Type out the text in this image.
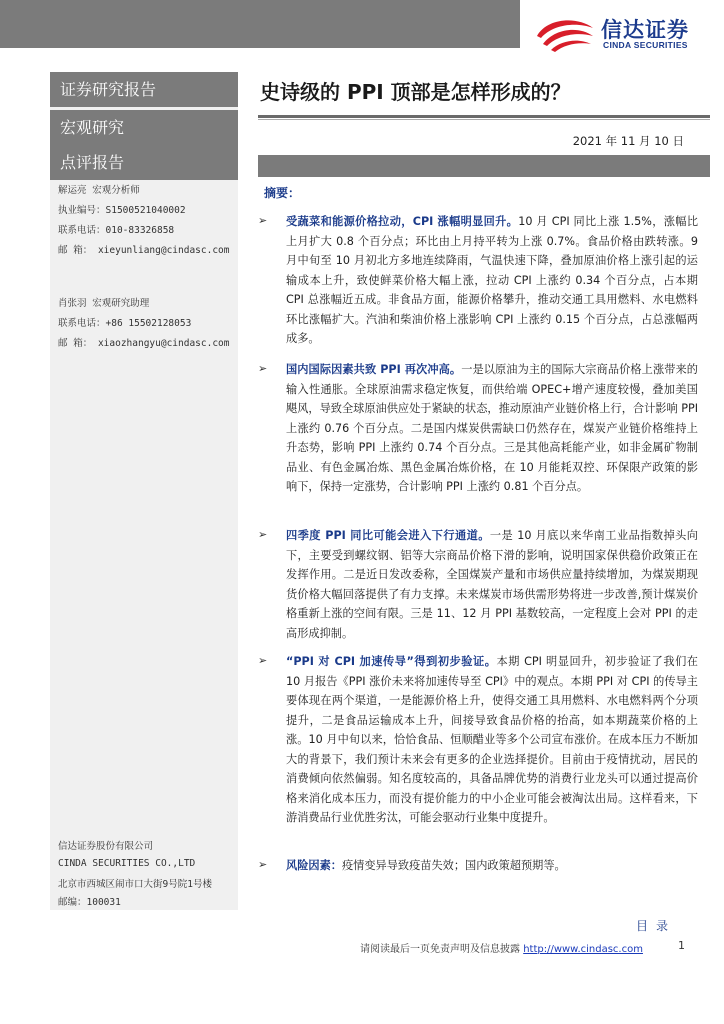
信达证券
CINDA SECURITIES
证券研究报告
宏观研究
点评报告
解运亮 宏观分析师
执业编号：S1500521040002
联系电话：010-83326858
邮 箱： xieyunliang@cindasc.com
肖张羽 宏观研究助理
联系电话：+86 15502128053
邮 箱： xiaozhangyu@cindasc.com
信达证券股份有限公司
CINDA SECURITIES CO.,LTD
北京市西城区闹市口大街9号院1号楼
邮编：100031
史诗级的 PPI 顶部是怎样形成的？
2021 年 11 月 10 日
摘要：
➢ 受蔬菜和能源价格拉动，CPI 涨幅明显回升。10 月 CPI 同比上涨 1.5%，涨幅比上月扩大 0.8 个百分点；环比由上月持平转为上涨 0.7%。食品价格由跌转涨。9 月中旬至 10 月初北方多地连续降雨，气温快速下降，叠加原油价格上涨引起的运输成本上升，致使鲜菜价格大幅上涨，拉动 CPI 上涨约 0.34 个百分点，占本期 CPI 总涨幅近五成。非食品方面，能源价格攀升，推动交通工具用燃料、水电燃料环比涨幅扩大。汽油和柴油价格上涨影响 CPI 上涨约 0.15 个百分点，占总涨幅两成多。
➢ 国内国际因素共致 PPI 再次冲高。一是以原油为主的国际大宗商品价格上涨带来的输入性通胀。全球原油需求稳定恢复，而供给端 OPEC+增产速度较慢，叠加美国飓风，导致全球原油供应处于紧缺的状态，推动原油产业链价格上行，合计影响 PPI 上涨约 0.76 个百分点。二是国内煤炭供需缺口仍然存在，煤炭产业链价格维持上升态势，影响 PPI 上涨约 0.74 个百分点。三是其他高耗能产业，如非金属矿物制品业、有色金属冶炼、黑色金属冶炼价格，在 10 月能耗双控、环保限产政策的影响下，保持一定涨势，合计影响 PPI 上涨约 0.81 个百分点。
➢ 四季度 PPI 同比可能会进入下行通道。一是 10 月底以来华南工业品指数掉头向下，主要受到螺纹钢、铝等大宗商品价格下滑的影响，说明国家保供稳价政策正在发挥作用。二是近日发改委称，全国煤炭产量和市场供应量持续增加，为煤炭期现货价格大幅回落提供了有力支撑。未来煤炭市场供需形势将进一步改善,预计煤炭价格重新上涨的空间有限。三是 11、12 月 PPI 基数较高，一定程度上会对 PPI 的走高形成抑制。
➢ “PPI 对 CPI 加速传导”得到初步验证。本期 CPI 明显回升，初步验证了我们在 10 月报告《PPI 涨价未来将加速传导至 CPI》中的观点。本期 PPI 对 CPI 的传导主要体现在两个渠道，一是能源价格上升，使得交通工具用燃料、水电燃料两个分项提升，二是食品运输成本上升，间接导致食品价格的抬高，如本期蔬菜价格的上涨。10 月中旬以来，恰恰食品、恒顺醋业等多个公司宣布涨价。在成本压力不断加大的背景下，我们预计未来会有更多的企业选择提价。目前由于疫情扰动，居民的消费倾向依然偏弱。知名度较高的，具备品牌优势的消费行业龙头可以通过提高价格来消化成本压力，而没有提价能力的中小企业可能会被淘汰出局。这样看来，下游消费品行业优胜劣汰，可能会驱动行业集中度提升。
➢ 风险因素：疫情变异导致疫苗失效；国内政策超预期等。
目录
请阅读最后一页免责声明及信息披露 http://www.cindasc.com	1
